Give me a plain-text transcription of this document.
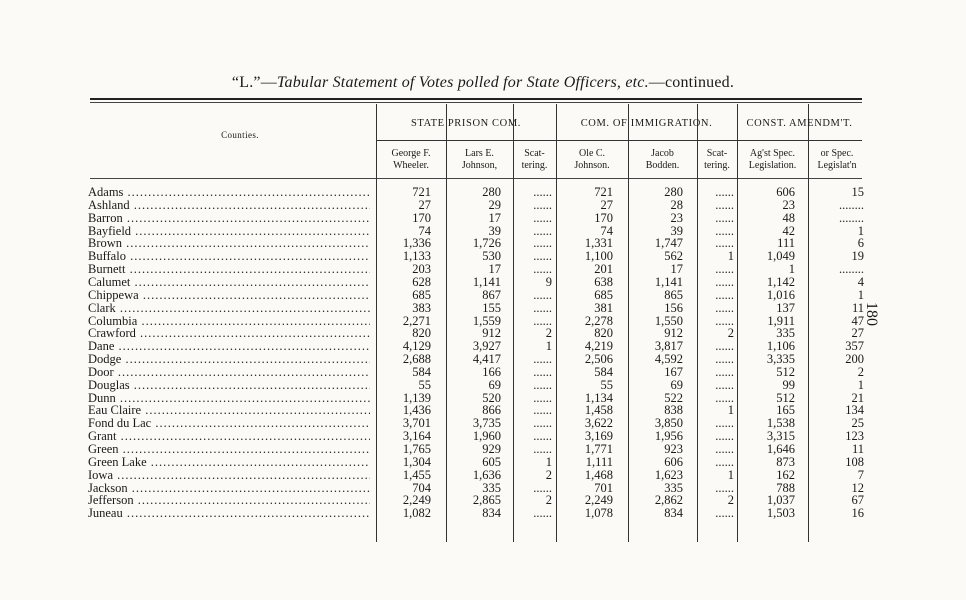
“L.”—Tabular Statement of Votes polled for State Officers, etc.—continued.
Counties.
STATE PRISON COM.	COM. OF IMMIGRATION.	CONST. AMENDM'T.
George F.
Wheeler.
Lars E.
Johnson,
Scat-
tering.
Ole C.
Johnson.
Jacob
Bodden.
Scat-
tering.
Ag'st Spec.
Legislation.
or Spec.
Legislat'n
Adams .....	721	280	......	721	280	......	606	15
Ashland .....	27	29	......	27	28	......	23	........
Barron .....	170	17	......	170	23	......	48	........
Bayfield .....	74	39	......	74	39	......	42	1
Brown .....	1,336	1,726	......	1,331	1,747	......	111	6
Buffalo .....	1,133	530	......	1,100	562	1	1,049	19
Burnett .....	203	17	......	201	17	......	1	........
Calumet .....	628	1,141	9	638	1,141	......	1,142	4
Chippewa .....	685	867	......	685	865	......	1,016	1
Clark .....	383	155	......	381	156	......	137	11
Columbia .....	2,271	1,559	......	2,278	1,550	......	1,911	47
Crawford .....	820	912	2	820	912	2	335	27
Dane .....	4,129	3,927	1	4,219	3,817	......	1,106	357
Dodge .....	2,688	4,417	......	2,506	4,592	......	3,335	200
Door .....	584	166	......	584	167	......	512	2
Douglas .....	55	69	......	55	69	......	99	1
Dunn .....	1,139	520	......	1,134	522	......	512	21
Eau Claire .....	1,436	866	......	1,458	838	1	165	134
Fond du Lac .....	3,701	3,735	......	3,622	3,850	......	1,538	25
Grant .....	3,164	1,960	......	3,169	1,956	......	3,315	123
Green .....	1,765	929	......	1,771	923	......	1,646	11
Green Lake .....	1,304	605	1	1,111	606	......	873	108
Iowa .....	1,455	1,636	2	1,468	1,623	1	162	7
Jackson .....	704	335	......	701	335	......	788	12
Jefferson .....	2,249	2,865	2	2,249	2,862	2	1,037	67
Juneau .....	1,082	834	......	1,078	834	......	1,503	16
180
